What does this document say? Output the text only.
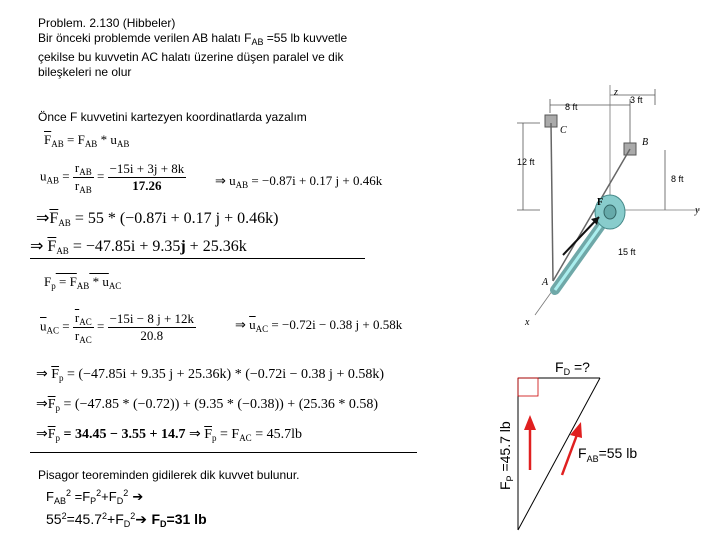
Problem. 2.130 (Hibbeler)
Bir önceki problemde verilen AB halatı $F_{AB} =55$ lb kuvvetle
çekilse bu kuvvetin AC halatı üzerine düşen paralel ve dik
bileşkeleri ne olur
Önce F kuvvetini kartezyen koordinatlarda yazalım
$\overline{F}_{AB} = F_{AB} * u_{AB}$
$u_{AB} = \frac{r_{AB}}{r_{AB}} = \frac{-15i + 3j + 8k}{17.26}$ ⇒ $u_{AB} = -0.87i + 0.17$ j + 0.46k
$\Rightarrow\overline{F}_{AB} = 55 * (-0.87i + 0.17$ j + 0.46k)
⇒ $\overline{F}_{AB} = -47.85i + 9.35j + 25.36k$
$F_p = F_{AB} * u_{AC}$
$\overline{u}_{AC} = \frac{\overline{r}_{AC}}{r_{AC}} = \frac{-15i - 8 j + 12k}{20.8}$	⇒ $\overline{u}_{AC} = -0.72i - 0.38$ j + 0.58k
⇒ $\overline{F}_p = (-47.85i + 9.35$ j + 25.36k) * (−0.72i − 0.38 j + 0.58k)
$\Rightarrow\overline{F}_p = (-47.85 * (-0.72)) + (9.35 * (-0.38)) + (25.36 * 0.58)$
$\Rightarrow\overline{F}_p = 34.45 - 3.55 + 14.7$ ⇒ $\overline{F}_p = F_{AC} = 45.7lb$
Pisagor teoreminden gidilerek dik kuvvet bulunur.
$F_{AB}^2 =F_P^2+F_D^2$ ➔
$55^2=45.7^2+F_D^2➔$ $F_D=31$ lb
8 ft
3 ft
12 ft
8 ft
15 ft
C
B
A
F
z
x
y
$F_D$ =?
$F_{AB}=55$ lb
$F_P =45.7$ lb
